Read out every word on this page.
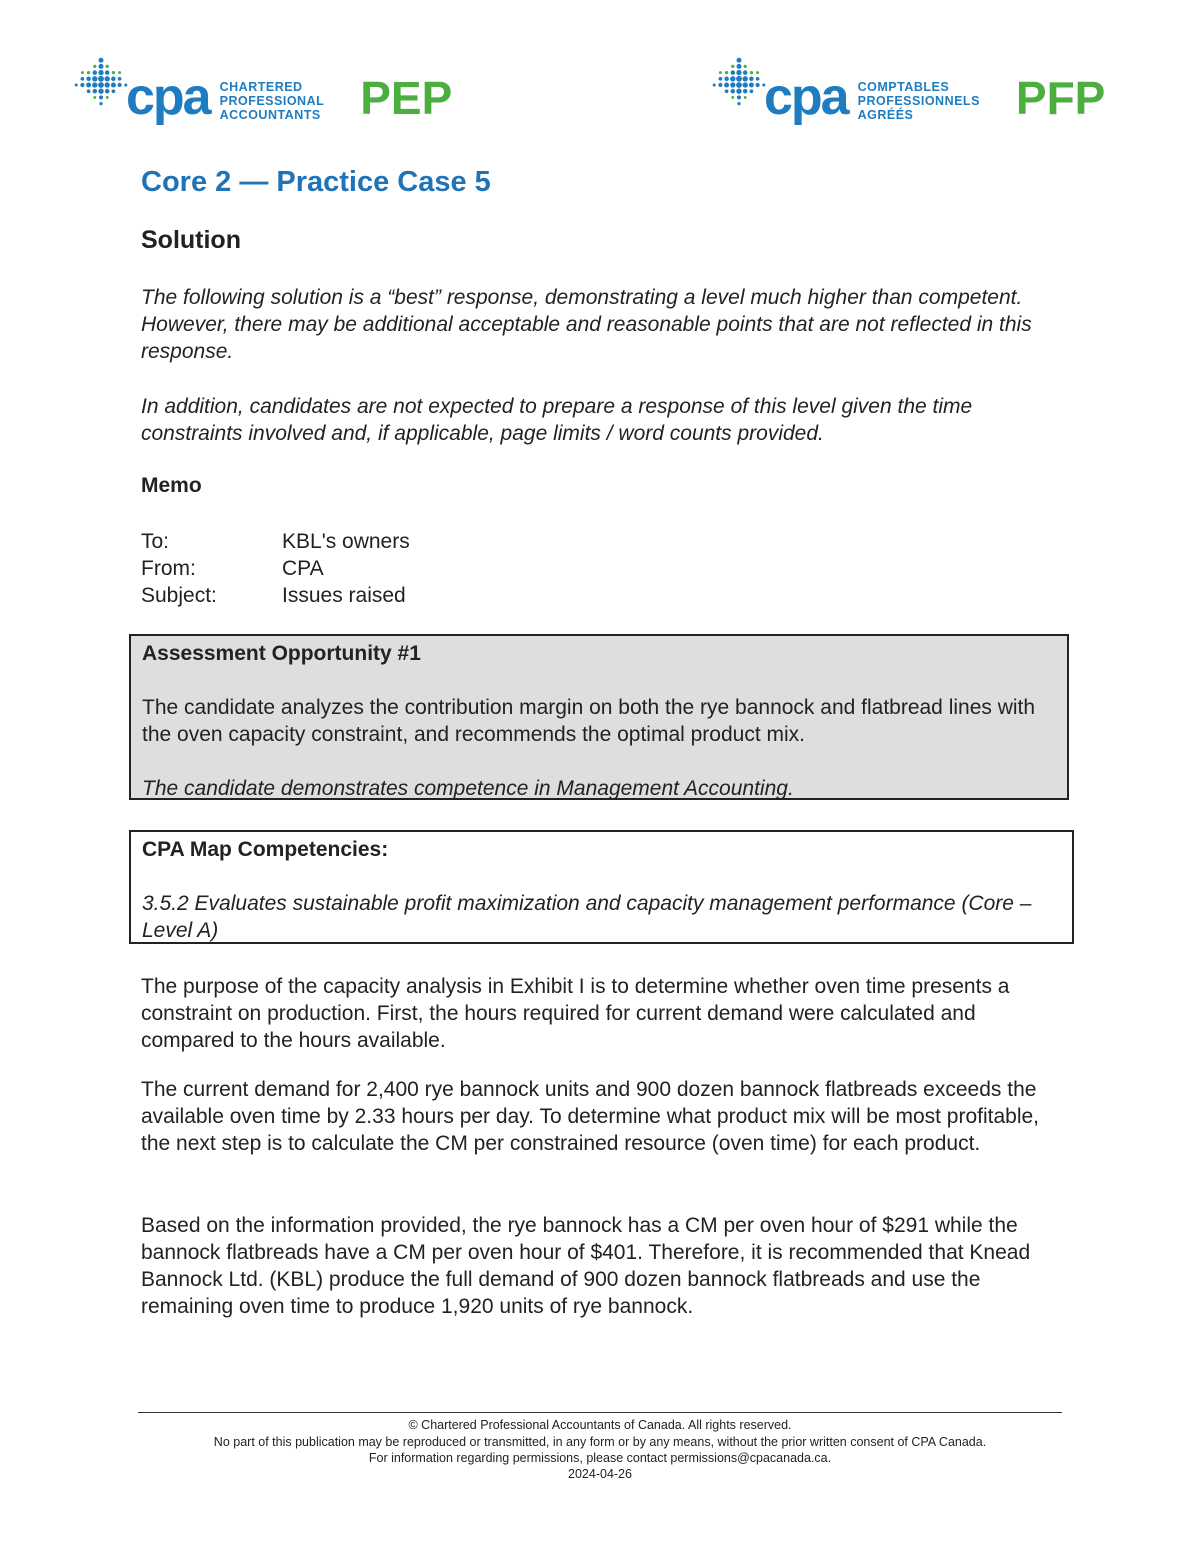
cpa CHARTERED
PROFESSIONAL
ACCOUNTANTS PEP	cpa COMPTABLES
PROFESSIONNELS
AGRÉÉS	PFP
Core 2 — Practice Case 5
Solution

The following solution is a “best” response, demonstrating a level much higher than competent. However, there may be additional acceptable and reasonable points that are not reflected in this response.

In addition, candidates are not expected to prepare a response of this level given the time constraints involved and, if applicable, page limits / word counts provided.

Memo
To:	KBL's owners
From:	CPA
Subject:	Issues raised

Assessment Opportunity #1

The candidate analyzes the contribution margin on both the rye bannock and flatbread lines with the oven capacity constraint, and recommends the optimal product mix.

The candidate demonstrates competence in Management Accounting.

CPA Map Competencies:

3.5.2 Evaluates sustainable profit maximization and capacity management performance (Core – Level A)

The purpose of the capacity analysis in Exhibit I is to determine whether oven time presents a constraint on production. First, the hours required for current demand were calculated and compared to the hours available.

The current demand for 2,400 rye bannock units and 900 dozen bannock flatbreads exceeds the available oven time by 2.33 hours per day. To determine what product mix will be most profitable, the next step is to calculate the CM per constrained resource (oven time) for each product.

Based on the information provided, the rye bannock has a CM per oven hour of $291 while the bannock flatbreads have a CM per oven hour of $401. Therefore, it is recommended that Knead Bannock Ltd. (KBL) produce the full demand of 900 dozen bannock flatbreads and use the remaining oven time to produce 1,920 units of rye bannock.

© Chartered Professional Accountants of Canada. All rights reserved.

No part of this publication may be reproduced or transmitted, in any form or by any means, without the prior written consent of CPA Canada.

For information regarding permissions, please contact permissions@cpacanada.ca.

2024-04-26
